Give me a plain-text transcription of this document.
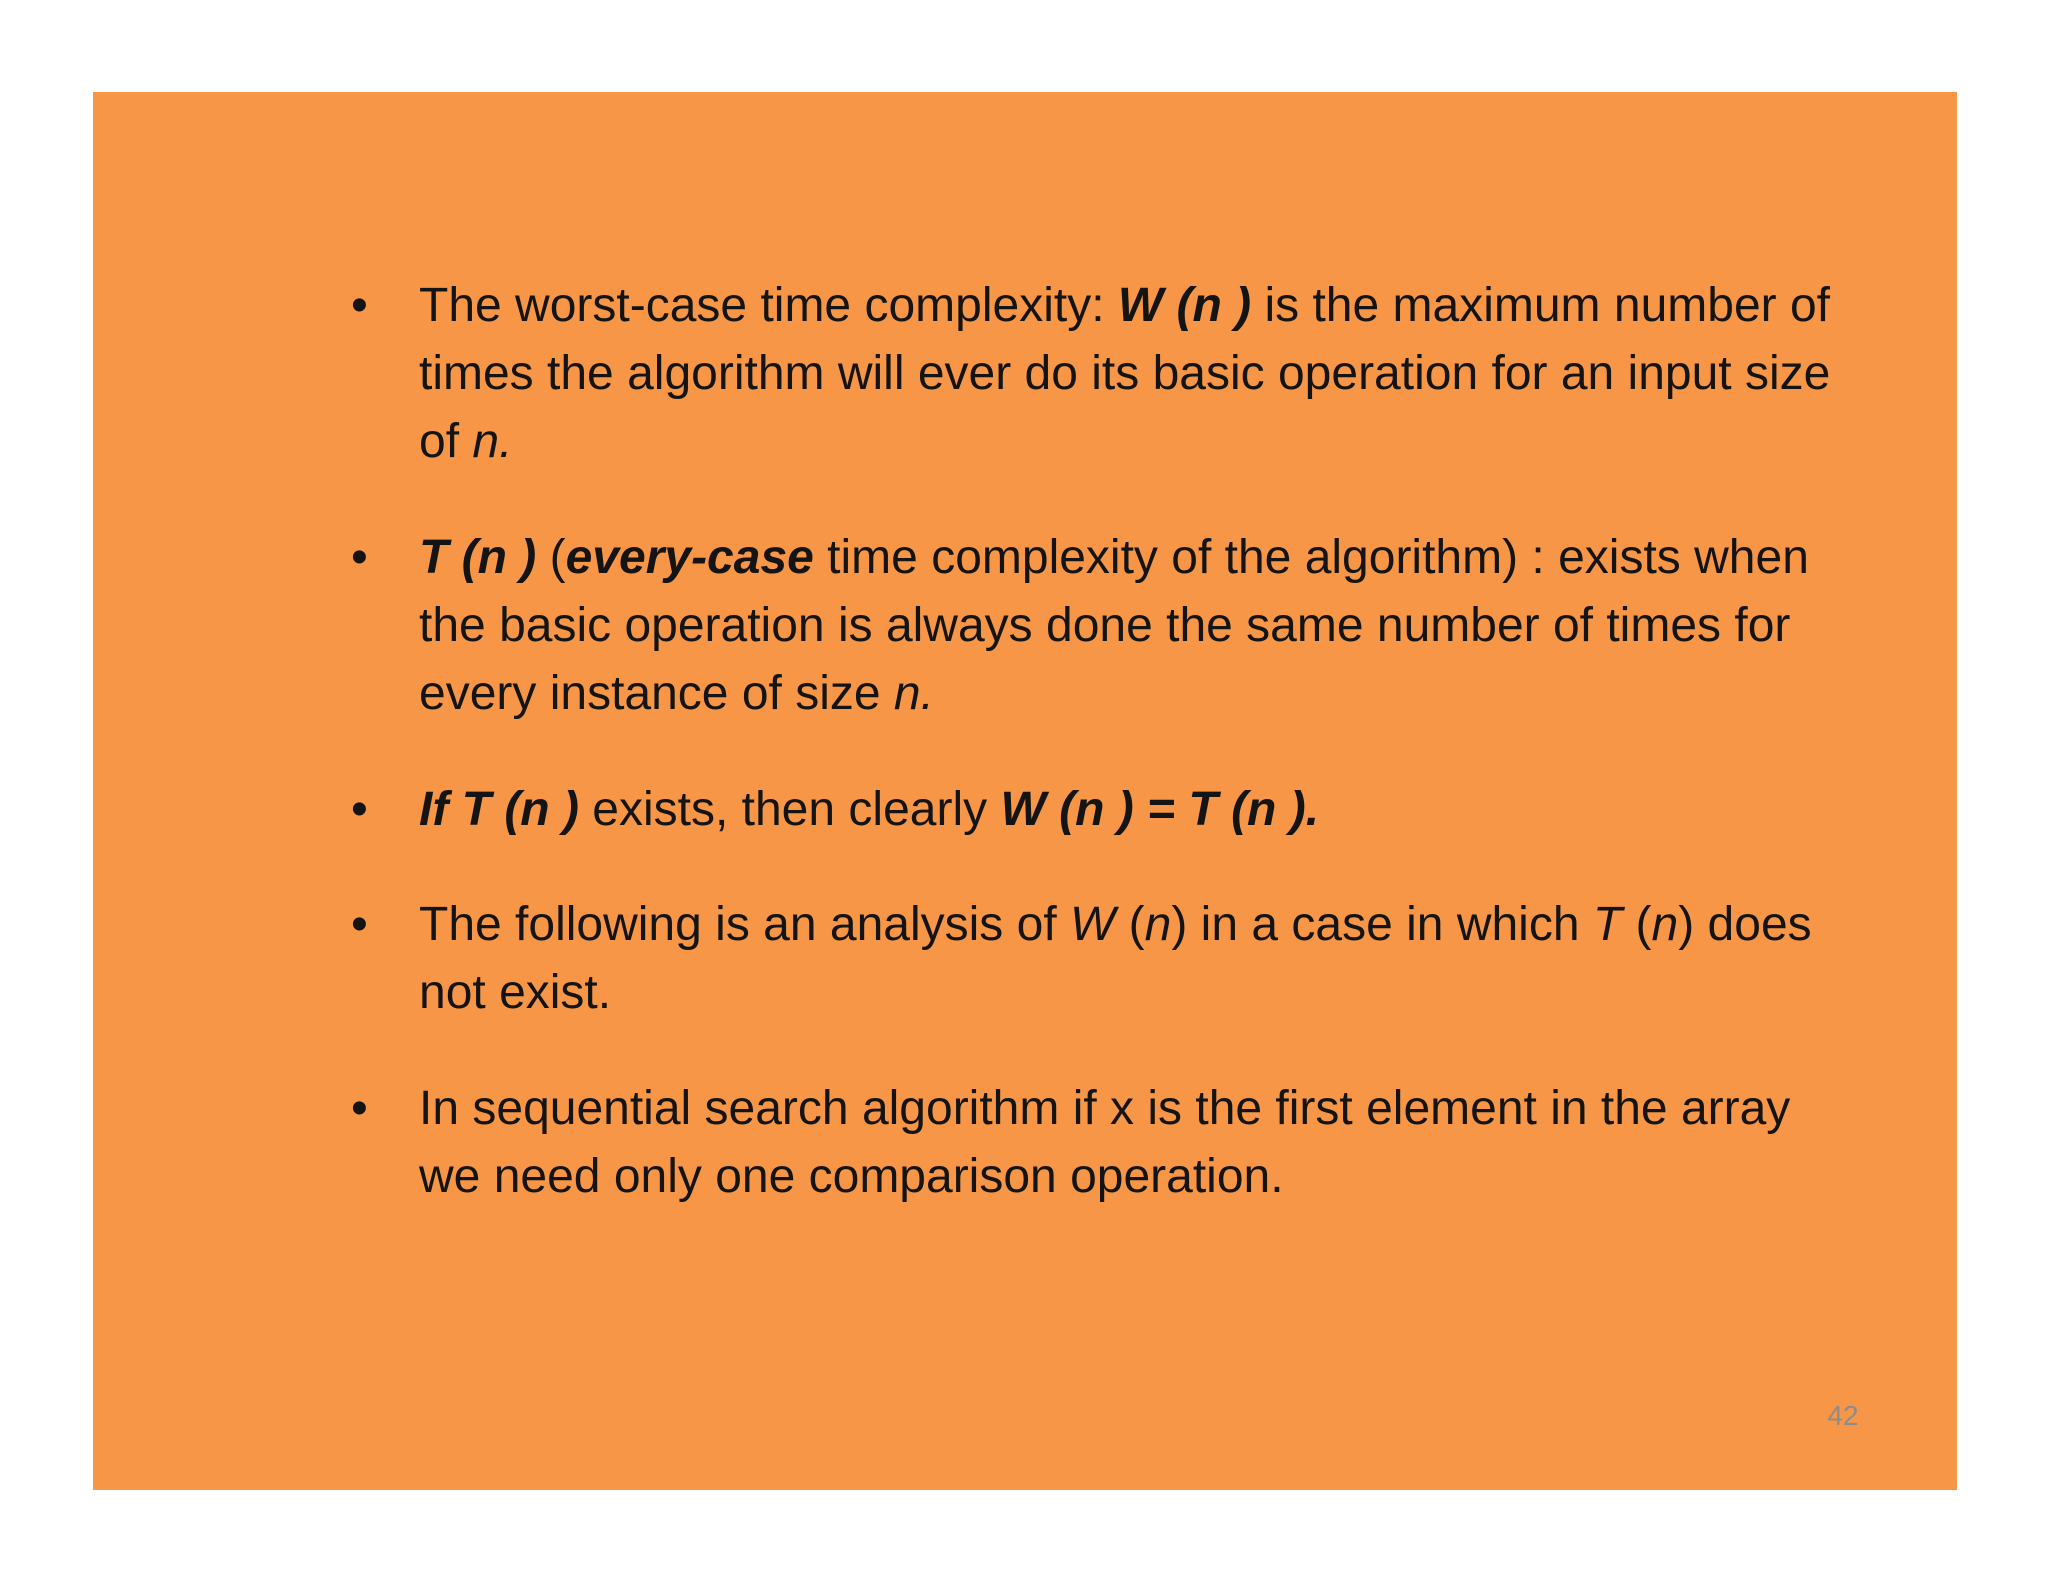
• The worst-case time complexity: W (n ) is the maximum number of times the algorithm will ever do its basic operation for an input size of n.
• T (n ) (every-case time complexity of the algorithm) : exists when the basic operation is always done the same number of times for every instance of size n.
• If T (n ) exists, then clearly W (n ) = T (n ).
• The following is an analysis of W (n) in a case in which T (n) does not exist.
• In sequential search algorithm if x is the first element in the array we need only one comparison operation.
42
